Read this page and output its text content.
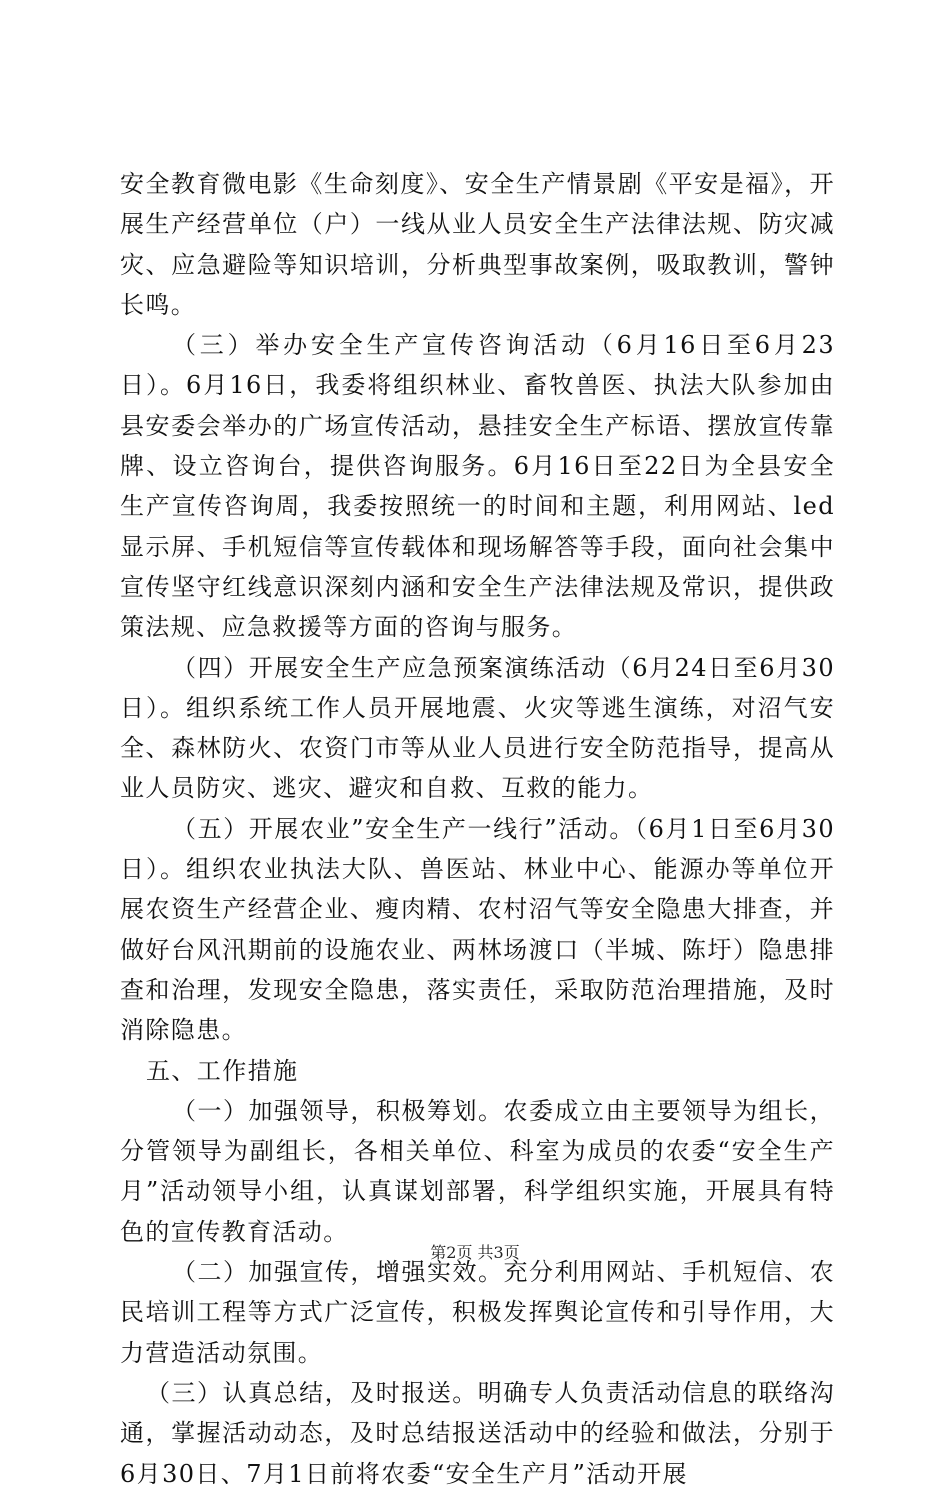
安全教育微电影《生命刻度》、安全生产情景剧《平安是福》，开展生产经营单位（户）一线从业人员安全生产法律法规、防灾减灾、应急避险等知识培训，分析典型事故案例，吸取教训，警钟长鸣。

（三）举办安全生产宣传咨询活动（6月16日至6月23日）。6月16日，我委将组织林业、畜牧兽医、执法大队参加由县安委会举办的广场宣传活动，悬挂安全生产标语、摆放宣传靠牌、设立咨询台，提供咨询服务。6月16日至22日为全县安全生产宣传咨询周，我委按照统一的时间和主题，利用网站、led显示屏、手机短信等宣传载体和现场解答等手段，面向社会集中宣传坚守红线意识深刻内涵和安全生产法律法规及常识，提供政策法规、应急救援等方面的咨询与服务。

（四）开展安全生产应急预案演练活动（6月24日至6月30日）。组织系统工作人员开展地震、火灾等逃生演练，对沼气安全、森林防火、农资门市等从业人员进行安全防范指导，提高从业人员防灾、逃灾、避灾和自救、互救的能力。

（五）开展农业”安全生产一线行”活动。（6月1日至6月30日）。组织农业执法大队、兽医站、林业中心、能源办等单位开展农资生产经营企业、瘦肉精、农村沼气等安全隐患大排查，并做好台风汛期前的设施农业、两林场渡口（半城、陈圩）隐患排查和治理，发现安全隐患，落实责任，采取防范治理措施，及时消除隐患。

五、工作措施

（一）加强领导，积极筹划。农委成立由主要领导为组长，分管领导为副组长，各相关单位、科室为成员的农委“安全生产月”活动领导小组，认真谋划部署，科学组织实施，开展具有特色的宣传教育活动。

（二）加强宣传，增强实效。充分利用网站、手机短信、农民培训工程等方式广泛宣传，积极发挥舆论宣传和引导作用，大力营造活动氛围。

（三）认真总结，及时报送。明确专人负责活动信息的联络沟通，掌握活动动态，及时总结报送活动中的经验和做法，分别于6月30日、7月1日前将农委“安全生产月”活动开展

第2页 共3页
